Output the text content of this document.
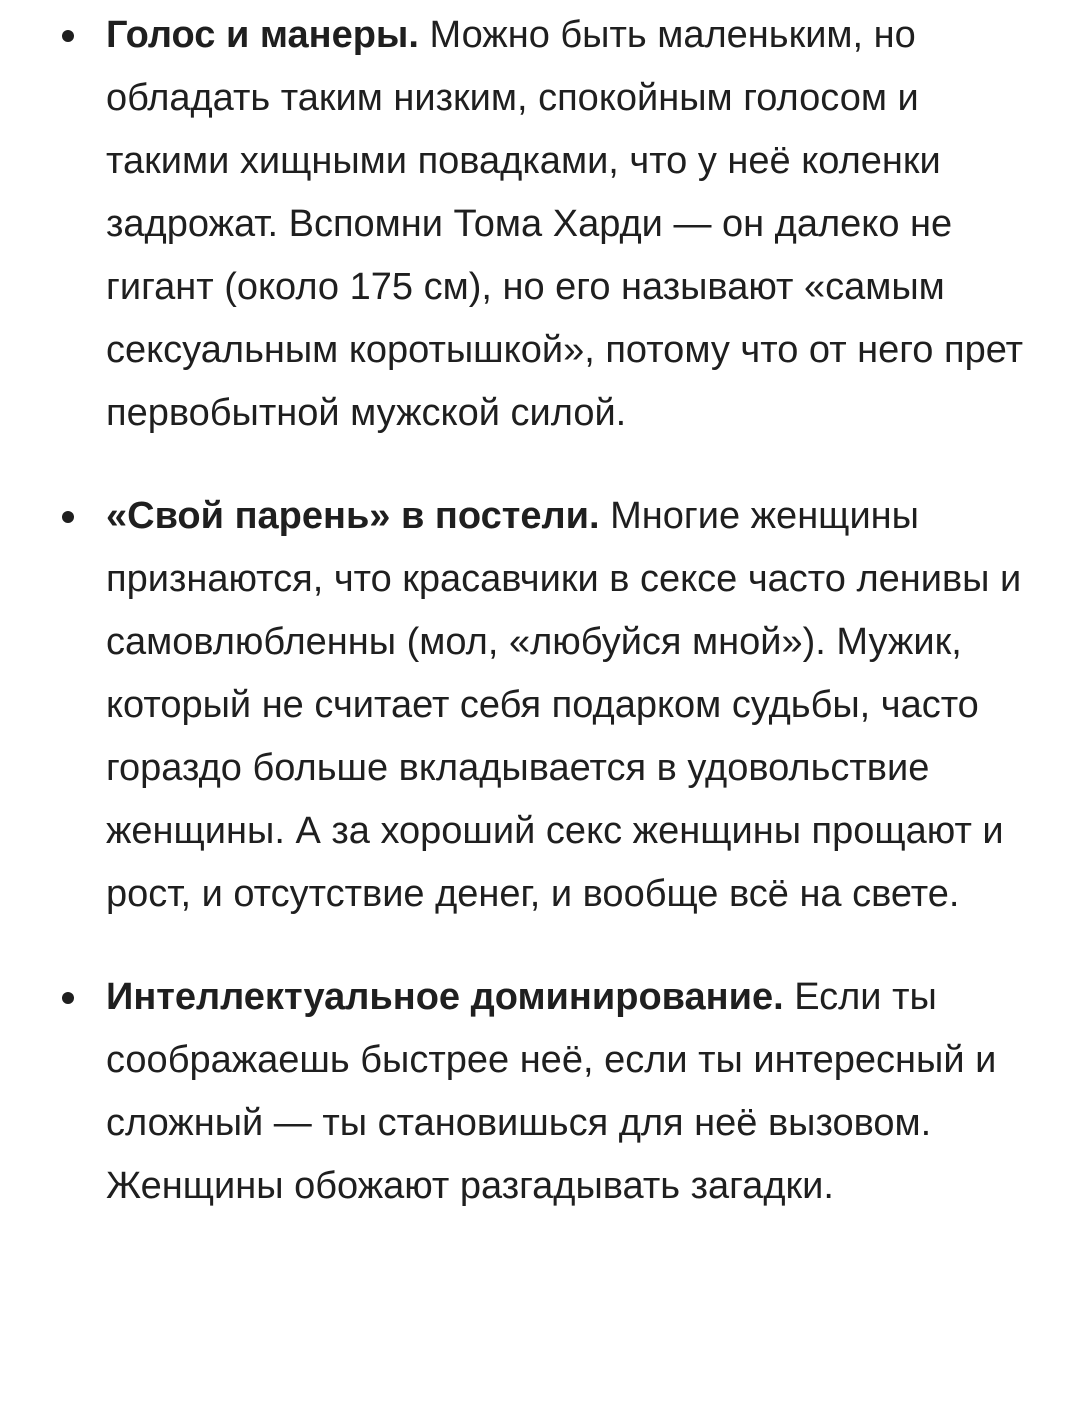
Голос и манеры. Можно быть маленьким, но обладать таким низким, спокойным голосом и такими хищными повадками, что у неё коленки задрожат. Вспомни Тома Харди — он далеко не гигант (около 175 см), но его называют «самым сексуальным коротышкой», потому что от него прет первобытной мужской силой.
«Свой парень» в постели. Многие женщины признаются, что красавчики в сексе часто ленивы и самовлюбленны (мол, «любуйся мной»). Мужик, который не считает себя подарком судьбы, часто гораздо больше вкладывается в удовольствие женщины. А за хороший секс женщины прощают и рост, и отсутствие денег, и вообще всё на свете.
Интеллектуальное доминирование. Если ты соображаешь быстрее неё, если ты интересный и сложный — ты становишься для неё вызовом. Женщины обожают разгадывать загадки.
